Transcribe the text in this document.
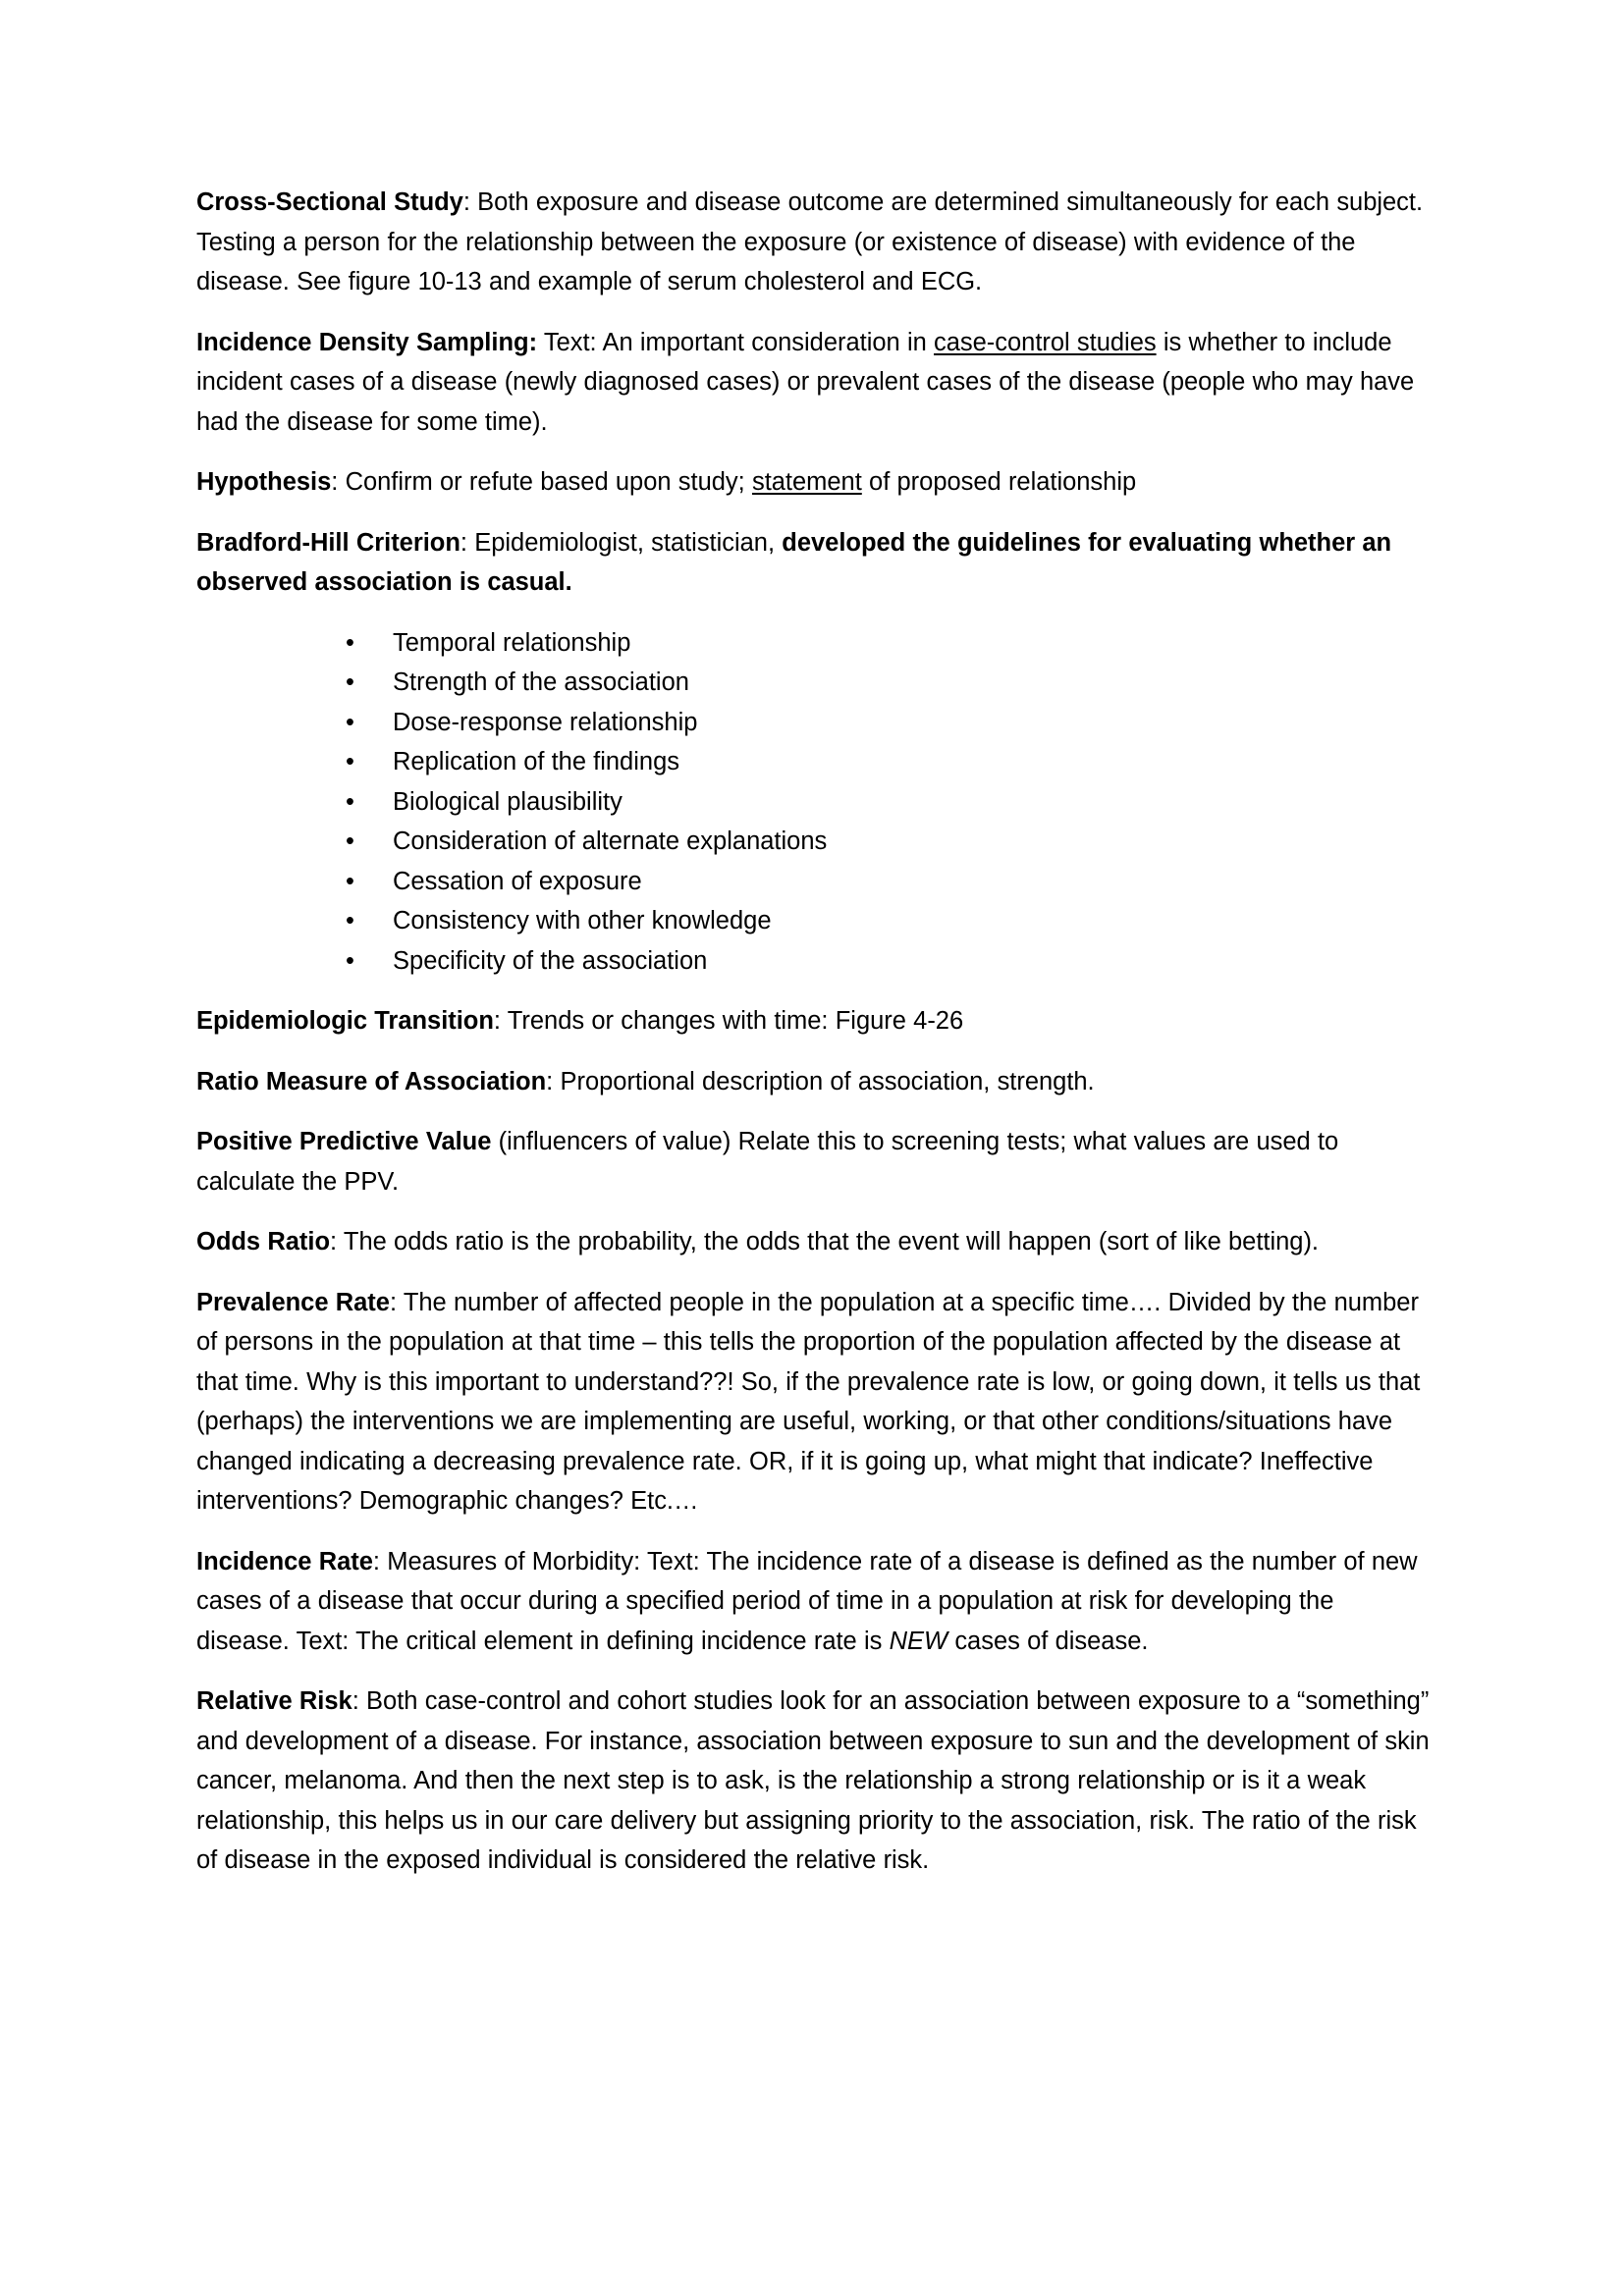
Cross-Sectional Study: Both exposure and disease outcome are determined simultaneously for each subject. Testing a person for the relationship between the exposure (or existence of disease) with evidence of the disease. See figure 10-13 and example of serum cholesterol and ECG.

Incidence Density Sampling: Text: An important consideration in case-control studies is whether to include incident cases of a disease (newly diagnosed cases) or prevalent cases of the disease (people who may have had the disease for some time).

Hypothesis: Confirm or refute based upon study; statement of proposed relationship

Bradford-Hill Criterion: Epidemiologist, statistician, developed the guidelines for evaluating whether an observed association is casual.

• Temporal relationship
• Strength of the association
• Dose-response relationship
• Replication of the findings
• Biological plausibility
• Consideration of alternate explanations
• Cessation of exposure
• Consistency with other knowledge
• Specificity of the association

Epidemiologic Transition: Trends or changes with time: Figure 4-26

Ratio Measure of Association: Proportional description of association, strength.

Positive Predictive Value (influencers of value) Relate this to screening tests; what values are used to calculate the PPV.

Odds Ratio: The odds ratio is the probability, the odds that the event will happen (sort of like betting).

Prevalence Rate: The number of affected people in the population at a specific time…. Divided by the number of persons in the population at that time – this tells the proportion of the population affected by the disease at that time. Why is this important to understand??! So, if the prevalence rate is low, or going down, it tells us that (perhaps) the interventions we are implementing are useful, working, or that other conditions/situations have changed indicating a decreasing prevalence rate. OR, if it is going up, what might that indicate? Ineffective interventions? Demographic changes? Etc.…

Incidence Rate: Measures of Morbidity: Text: The incidence rate of a disease is defined as the number of new cases of a disease that occur during a specified period of time in a population at risk for developing the disease. Text: The critical element in defining incidence rate is NEW cases of disease.

Relative Risk: Both case-control and cohort studies look for an association between exposure to a “something” and development of a disease. For instance, association between exposure to sun and the development of skin cancer, melanoma. And then the next step is to ask, is the relationship a strong relationship or is it a weak relationship, this helps us in our care delivery but assigning priority to the association, risk. The ratio of the risk of disease in the exposed individual is considered the relative risk.
